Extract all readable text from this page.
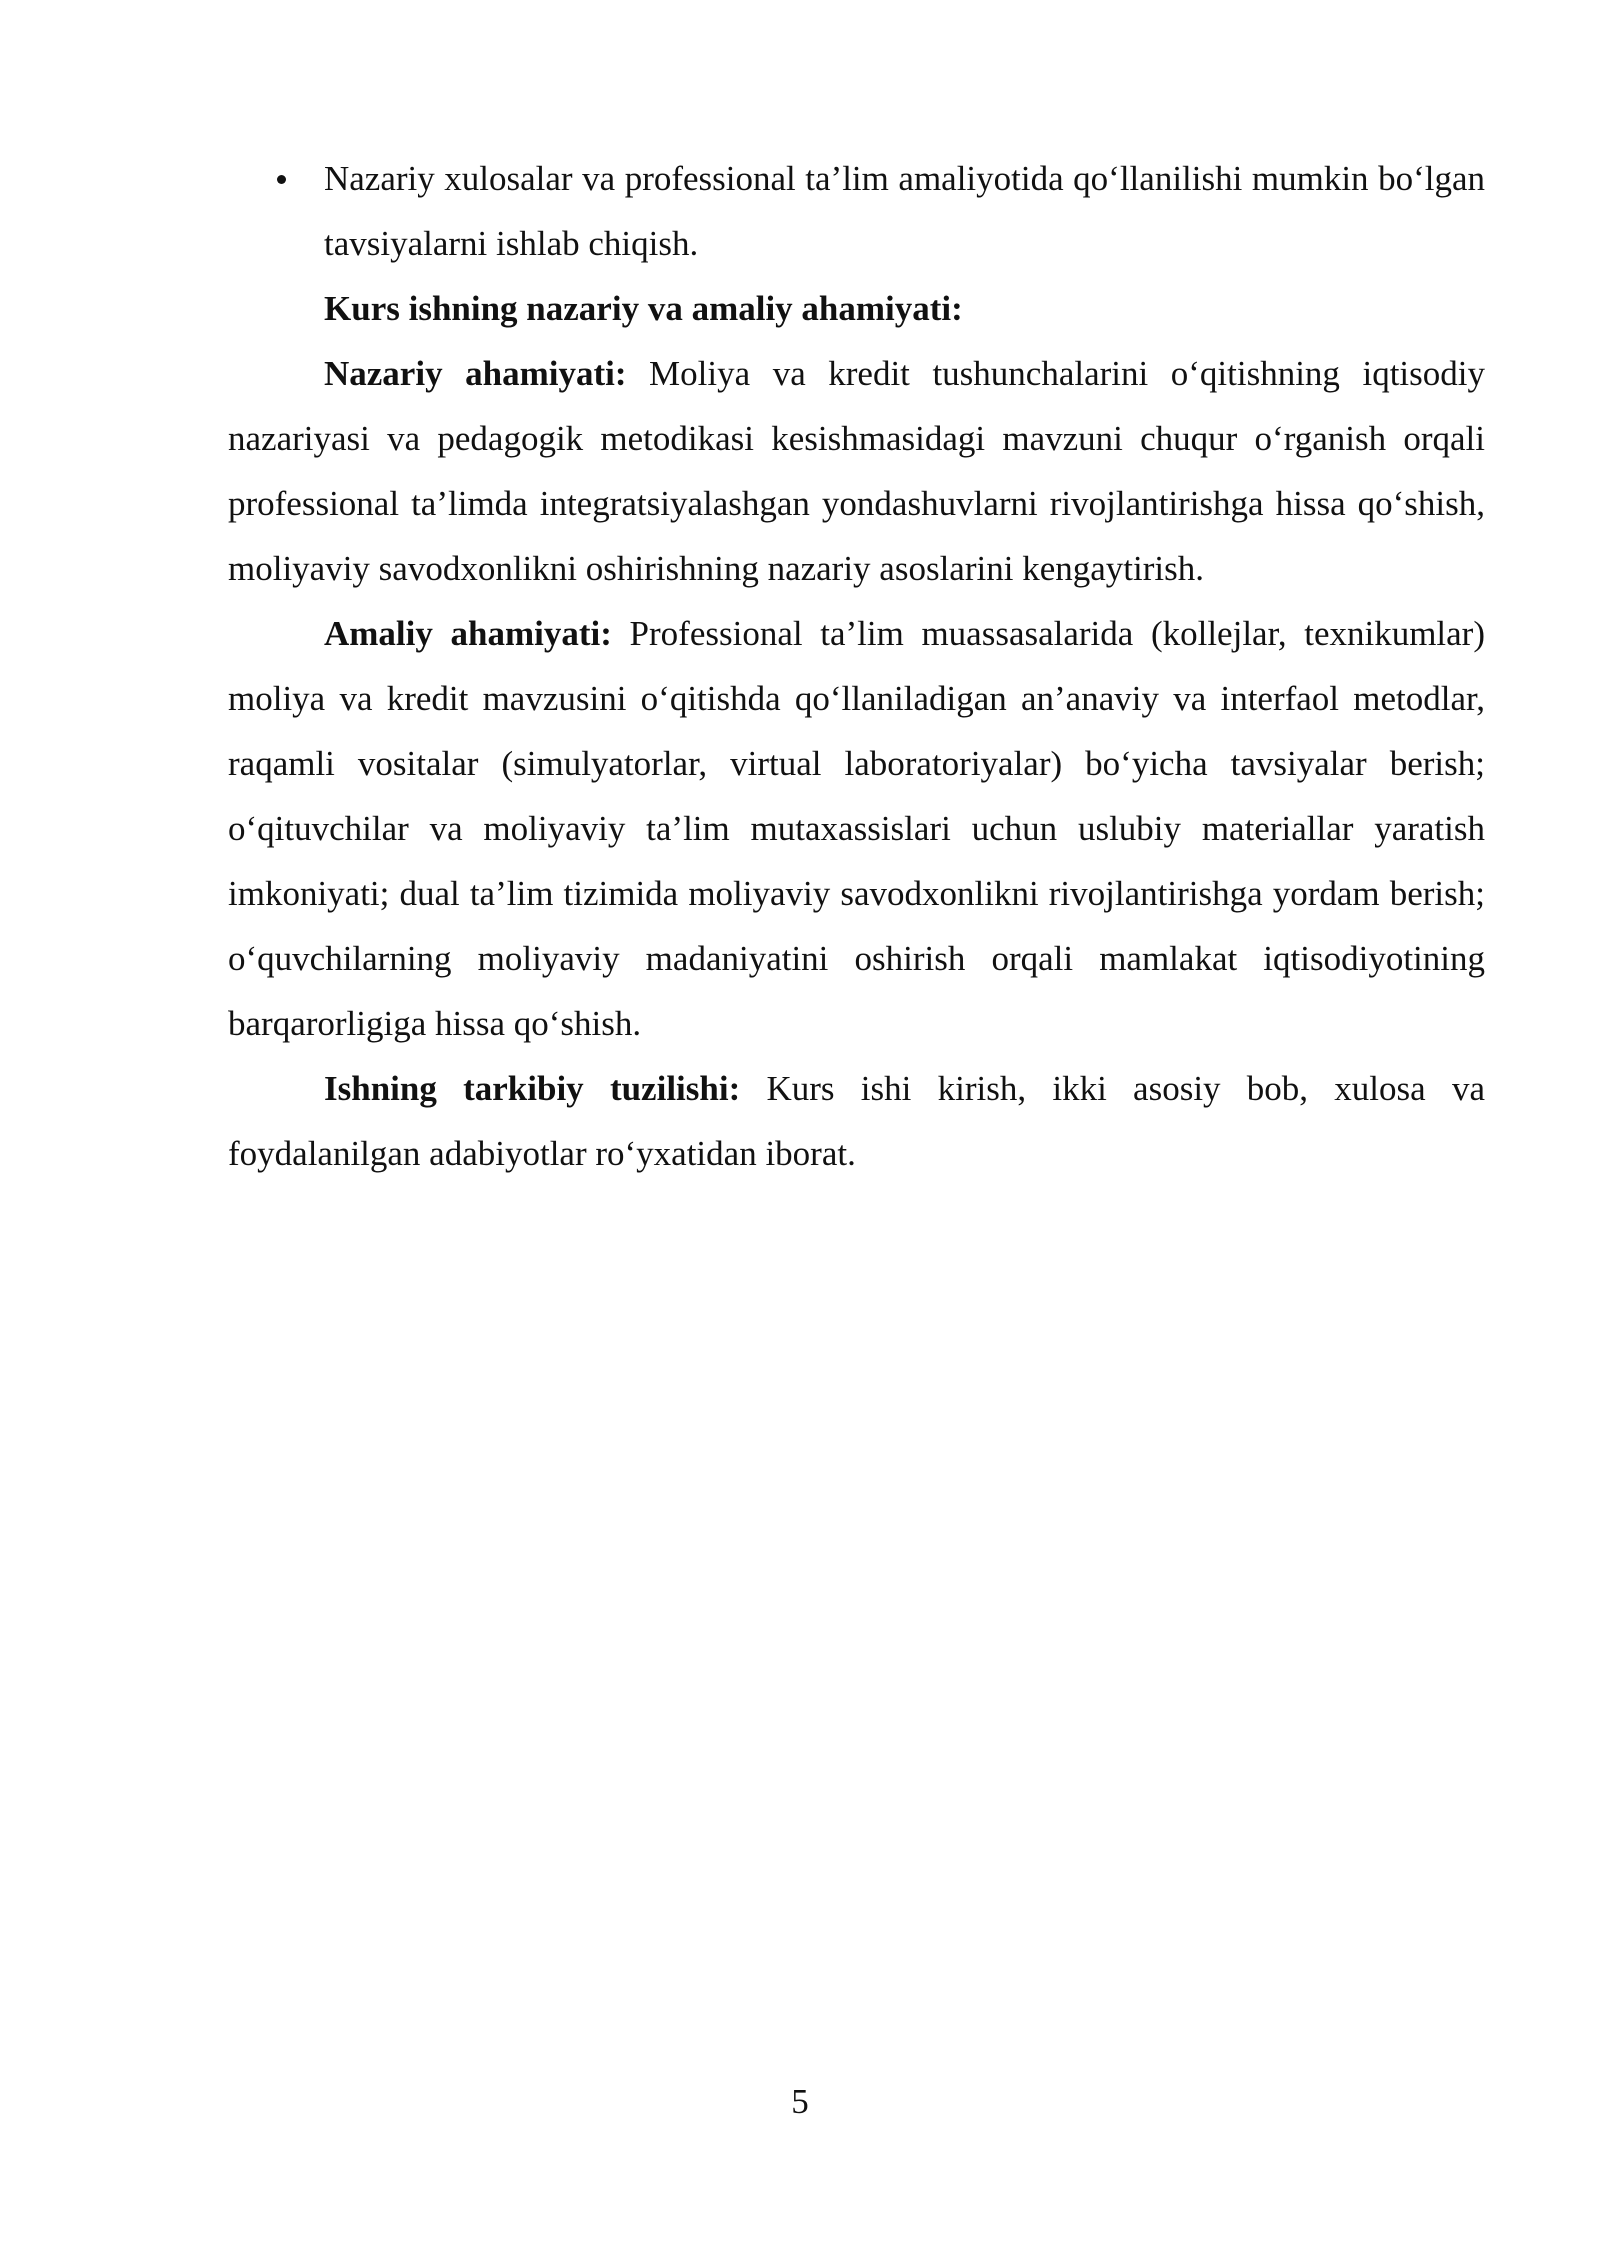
Nazariy xulosalar va professional ta’lim amaliyotida qo‘llanilishi mumkin bo‘lgan tavsiyalarni ishlab chiqish.

Kurs ishning nazariy va amaliy ahamiyati:

Nazariy ahamiyati: Moliya va kredit tushunchalarini o‘qitishning iqtisodiy nazariyasi va pedagogik metodikasi kesishmasidagi mavzuni chuqur o‘rganish orqali professional ta’limda integratsiyalashgan yondashuvlarni rivojlantirishga hissa qo‘shish, moliyaviy savodxonlikni oshirishning nazariy asoslarini kengaytirish.

Amaliy ahamiyati: Professional ta’lim muassasalarida (kollejlar, texnikumlar) moliya va kredit mavzusini o‘qitishda qo‘llaniladigan an’anaviy va interfaol metodlar, raqamli vositalar (simulyatorlar, virtual laboratoriyalar) bo‘yicha tavsiyalar berish; o‘qituvchilar va moliyaviy ta’lim mutaxassislari uchun uslubiy materiallar yaratish imkoniyati; dual ta’lim tizimida moliyaviy savodxonlikni rivojlantirishga yordam berish; o‘quvchilarning moliyaviy madaniyatini oshirish orqali mamlakat iqtisodiyotining barqarorligiga hissa qo‘shish.

Ishning tarkibiy tuzilishi: Kurs ishi kirish, ikki asosiy bob, xulosa va foydalanilgan adabiyotlar ro‘yxatidan iborat.

5
